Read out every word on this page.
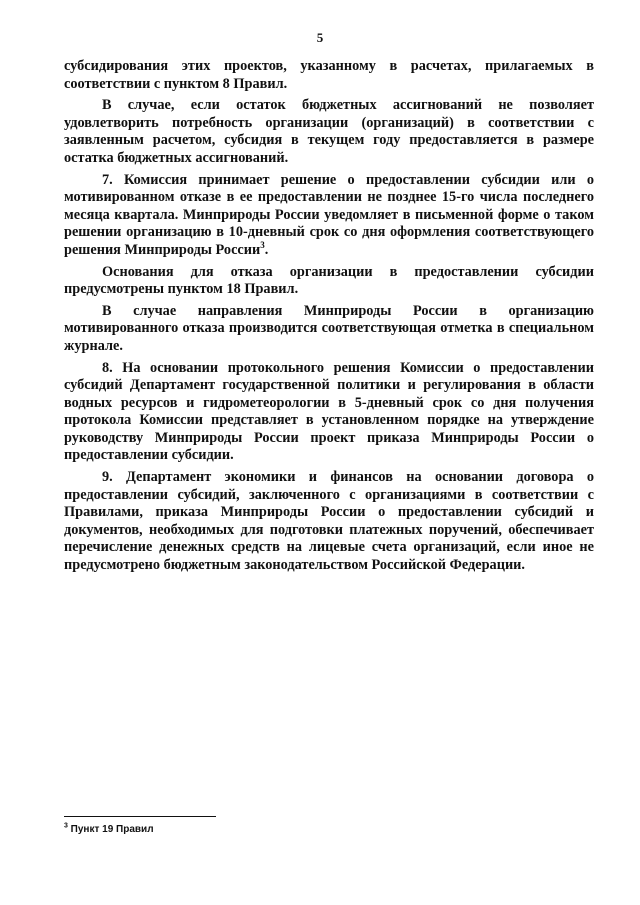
5

субсидирования этих проектов, указанному в расчетах, прилагаемых в соответствии с пунктом 8 Правил.

В случае, если остаток бюджетных ассигнований не позволяет удовлетворить потребность организации (организаций) в соответствии с заявленным расчетом, субсидия в текущем году предоставляется в размере остатка бюджетных ассигнований.

7. Комиссия принимает решение о предоставлении субсидии или о мотивированном отказе в ее предоставлении не позднее 15-го числа последнего месяца квартала. Минприроды России уведомляет в письменной форме о таком решении организацию в 10-дневный срок со дня оформления соответствующего решения Минприроды России$^3$.

Основания для отказа организации в предоставлении субсидии предусмотрены пунктом 18 Правил.

В случае направления Минприроды России в организацию мотивированного отказа производится соответствующая отметка в специальном журнале.

8. На основании протокольного решения Комиссии о предоставлении субсидий Департамент государственной политики и регулирования в области водных ресурсов и гидрометеорологии в 5-дневный срок со дня получения протокола Комиссии представляет в установленном порядке на утверждение руководству Минприроды России проект приказа Минприроды России о предоставлении субсидии.

9. Департамент экономики и финансов на основании договора о предоставлении субсидий, заключенного с организациями в соответствии с Правилами, приказа Минприроды России о предоставлении субсидий и документов, необходимых для подготовки платежных поручений, обеспечивает перечисление денежных средств на лицевые счета организаций, если иное не предусмотрено бюджетным законодательством Российской Федерации.

$^3$ Пункт 19 Правил
